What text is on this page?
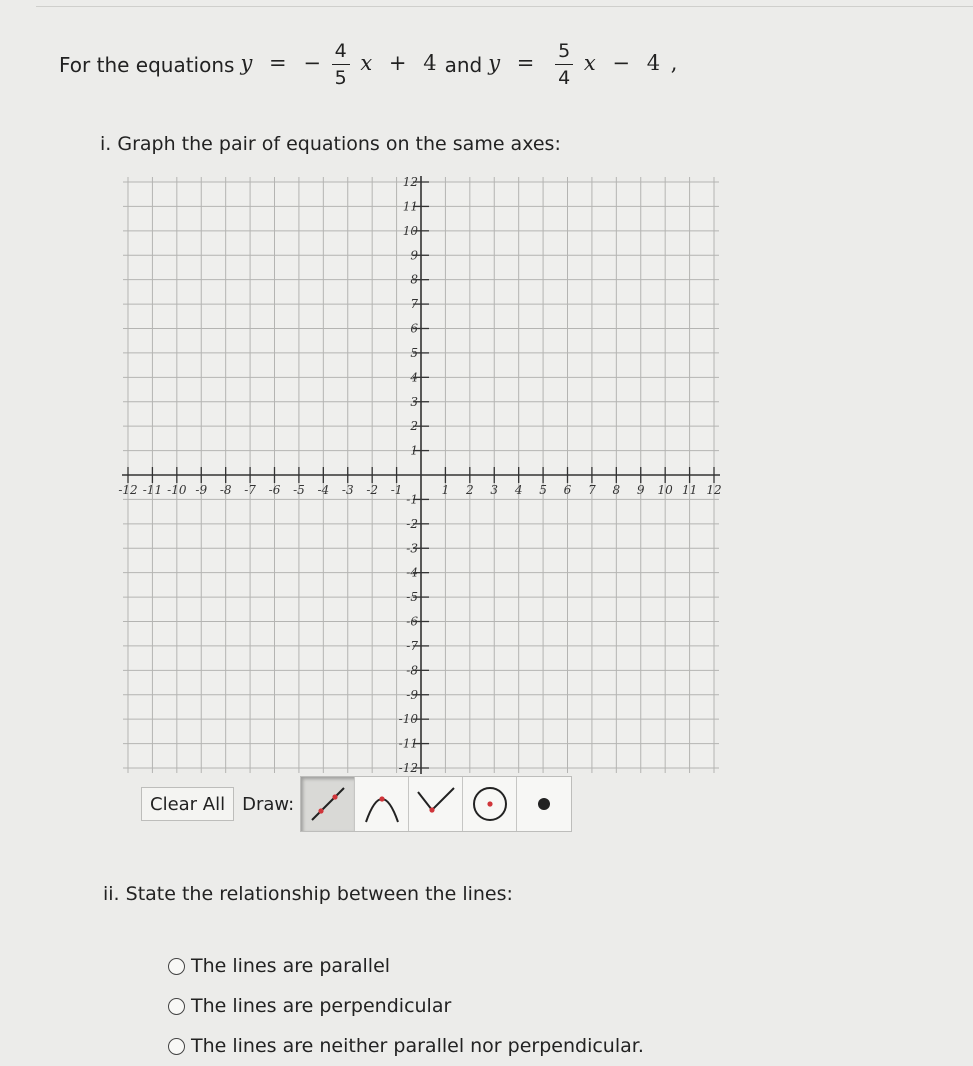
For the equations y = − $\frac{4}{5}$ x + 4 and $y = \frac{5}{4}$ x − 4 ,
i. Graph the pair of equations on the same axes:
-12 -11 -10 -9 -8 -7 -6 -5 -4 -3 -2 -1	1 2 3 4 5 6 7 8 9 10 11 12
12
11
10
9
8
7
6
5
4
3
2
1
-1
-2
-3
-4
-5
-6
-7
-8
-9
-10
-11
-12
Clear All Draw:
ii. State the relationship between the lines:
The lines are parallel
The lines are perpendicular
The lines are neither parallel nor perpendicular.
